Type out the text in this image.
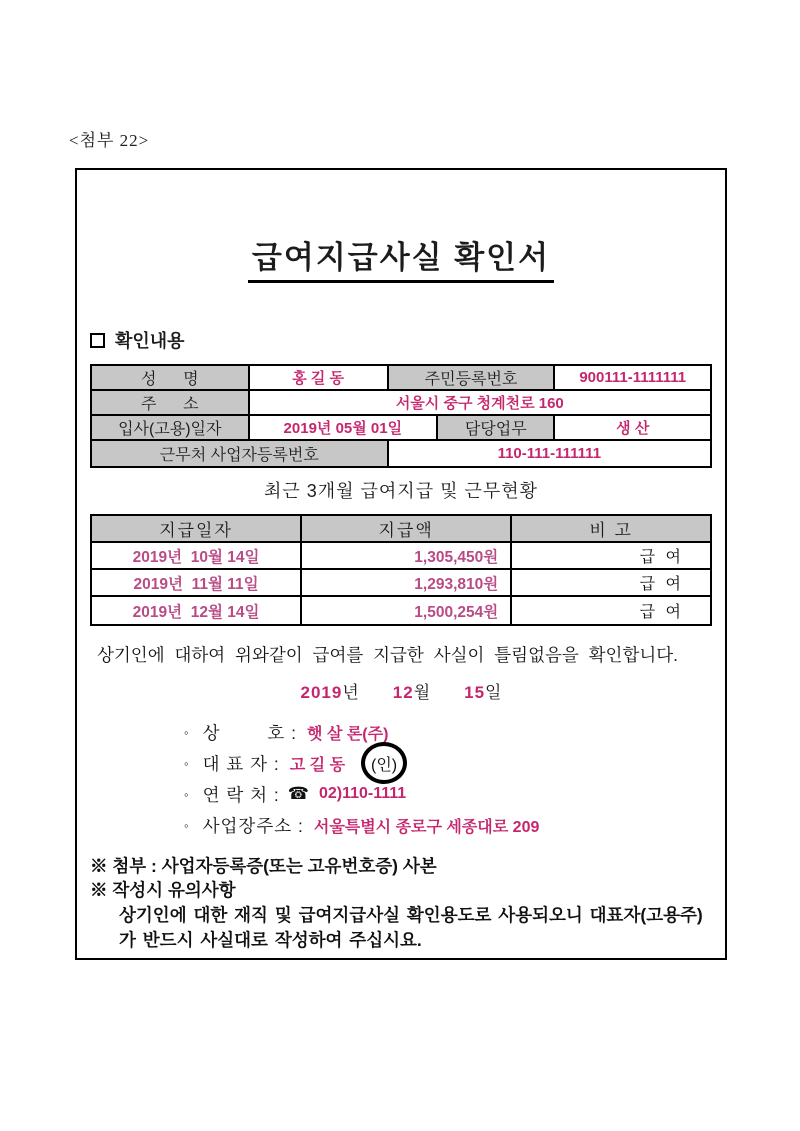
<첨부 22>
급여지급사실 확인서
확인내용
성      명	홍 길 동	주민등록번호	900111-1111111
주      소	서울시 중구 청계천로 160
입사(고용)일자	2019년 05월 01일	담당업무	생 산
근무처 사업자등록번호	110-111-111111
최근 3개월 급여지급 및 근무현황
지급일자	지급액	비 고
2019년  10월 14일	1,305,450원	급 여
2019년  11월 11일	1,293,810원	급 여
2019년  12월 14일	1,500,254원	급 여
상기인에 대하여 위와같이 급여를 지급한 사실이 틀림없음을 확인합니다.
2019년 12월 15일
◦ 상        호 : 햇 살 론(주)
◦ 대 표 자 : 고 길 동	(인)
◦ 연 락 처 : ☎ 02)110-1111
◦ 사업장주소 : 서울특별시 종로구 세종대로 209
※ 첨부 : 사업자등록증(또는 고유번호증) 사본
※ 작성시 유의사항
상기인에 대한 재직 및 급여지급사실 확인용도로 사용되오니 대표자(고용주)가 반드시 사실대로 작성하여 주십시요.
